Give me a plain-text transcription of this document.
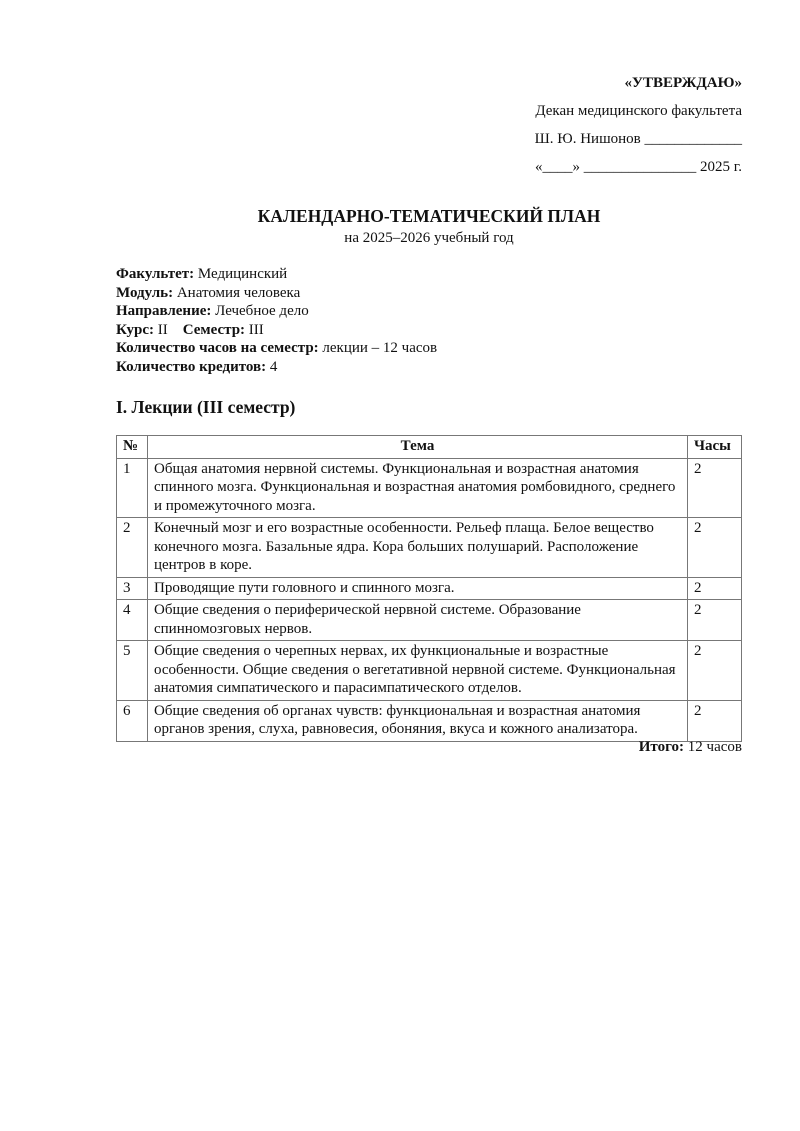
«УТВЕРЖДАЮ»
Декан медицинского факультета
Ш. Ю. Нишонов _____________
«____» _______________ 2025 г.
КАЛЕНДАРНО-ТЕМАТИЧЕСКИЙ ПЛАН
на 2025–2026 учебный год
Факультет: Медицинский
Модуль: Анатомия человека
Направление: Лечебное дело
Курс: II Семестр: III
Количество часов на семестр: лекции – 12 часов
Количество кредитов: 4
I. Лекции (III семестр)
№	Тема	Часы
1	Общая анатомия нервной системы. Функциональная и возрастная анатомия спинного мозга. Функциональная и возрастная анатомия ромбовидного, среднего и промежуточного мозга.	2
2	Конечный мозг и его возрастные особенности. Рельеф плаща. Белое вещество конечного мозга. Базальные ядра. Кора больших полушарий. Расположение центров в коре.	2
3	Проводящие пути головного и спинного мозга.	2
4	Общие сведения о периферической нервной системе. Образование спинномозговых нервов.	2
5	Общие сведения о черепных нервах, их функциональные и возрастные особенности. Общие сведения о вегетативной нервной системе. Функциональная анатомия симпатического и парасимпатического отделов.	2
6	Общие сведения об органах чувств: функциональная и возрастная анатомия органов зрения, слуха, равновесия, обоняния, вкуса и кожного анализатора.	2
Итого: 12 часов
